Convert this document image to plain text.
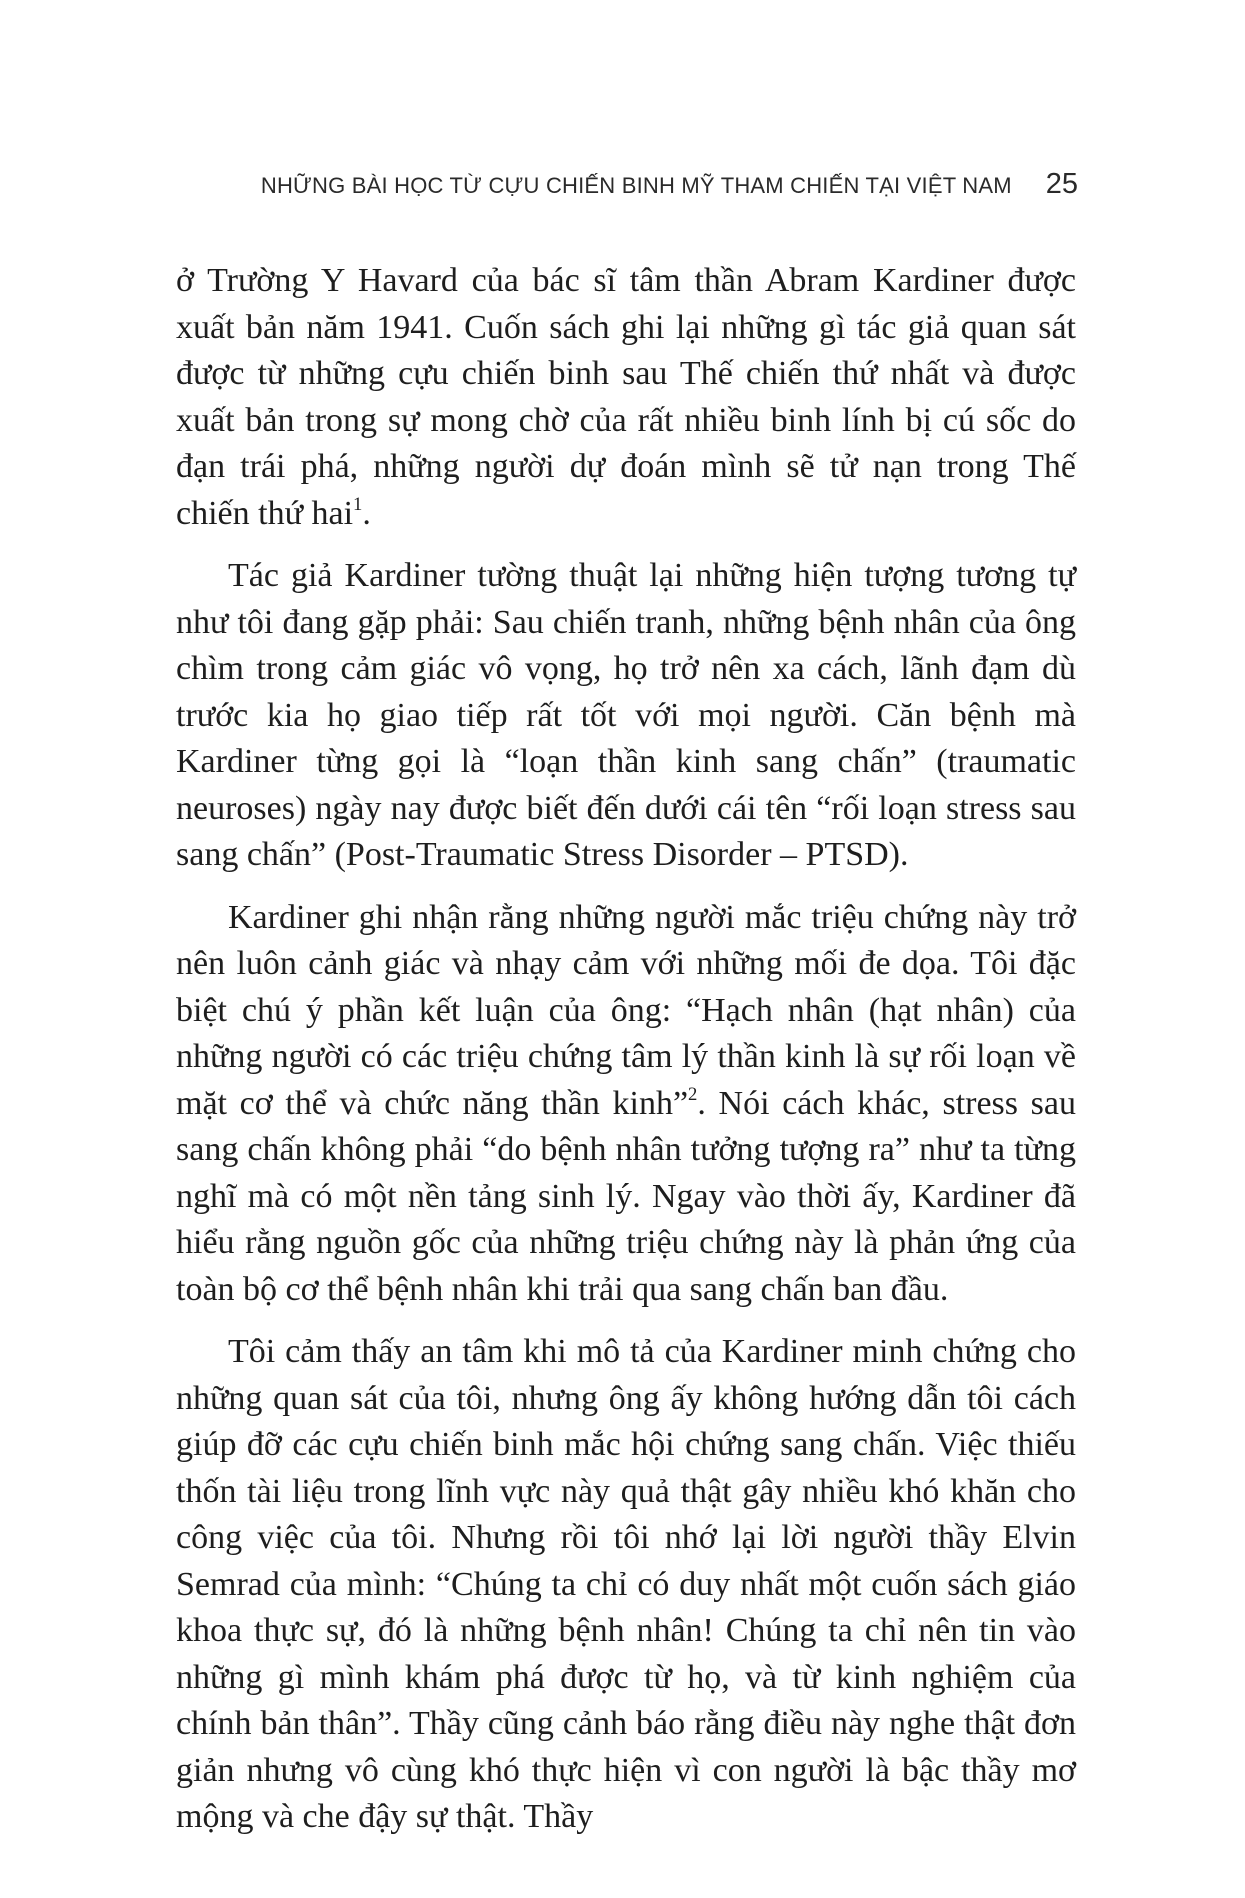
NHỮNG BÀI HỌC TỪ CỰU CHIẾN BINH MỸ THAM CHIẾN TẠI VIỆT NAM 25

ở Trường Y Havard của bác sĩ tâm thần Abram Kardiner được xuất bản năm 1941. Cuốn sách ghi lại những gì tác giả quan sát được từ những cựu chiến binh sau Thế chiến thứ nhất và được xuất bản trong sự mong chờ của rất nhiều binh lính bị cú sốc do đạn trái phá, những người dự đoán mình sẽ tử nạn trong Thế chiến thứ hai$^1$.

Tác giả Kardiner tường thuật lại những hiện tượng tương tự như tôi đang gặp phải: Sau chiến tranh, những bệnh nhân của ông chìm trong cảm giác vô vọng, họ trở nên xa cách, lãnh đạm dù trước kia họ giao tiếp rất tốt với mọi người. Căn bệnh mà Kardiner từng gọi là “loạn thần kinh sang chấn” (traumatic neuroses) ngày nay được biết đến dưới cái tên “rối loạn stress sau sang chấn” (Post-Traumatic Stress Disorder – PTSD).

Kardiner ghi nhận rằng những người mắc triệu chứng này trở nên luôn cảnh giác và nhạy cảm với những mối đe dọa. Tôi đặc biệt chú ý phần kết luận của ông: “Hạch nhân (hạt nhân) của những người có các triệu chứng tâm lý thần kinh là sự rối loạn về mặt cơ thể và chức năng thần kinh”$^2$. Nói cách khác, stress sau sang chấn không phải “do bệnh nhân tưởng tượng ra” như ta từng nghĩ mà có một nền tảng sinh lý. Ngay vào thời ấy, Kardiner đã hiểu rằng nguồn gốc của những triệu chứng này là phản ứng của toàn bộ cơ thể bệnh nhân khi trải qua sang chấn ban đầu.

Tôi cảm thấy an tâm khi mô tả của Kardiner minh chứng cho những quan sát của tôi, nhưng ông ấy không hướng dẫn tôi cách giúp đỡ các cựu chiến binh mắc hội chứng sang chấn. Việc thiếu thốn tài liệu trong lĩnh vực này quả thật gây nhiều khó khăn cho công việc của tôi. Nhưng rồi tôi nhớ lại lời người thầy Elvin Semrad của mình: “Chúng ta chỉ có duy nhất một cuốn sách giáo khoa thực sự, đó là những bệnh nhân! Chúng ta chỉ nên tin vào những gì mình khám phá được từ họ, và từ kinh nghiệm của chính bản thân”. Thầy cũng cảnh báo rằng điều này nghe thật đơn giản nhưng vô cùng khó thực hiện vì con người là bậc thầy mơ mộng và che đậy sự thật. Thầy
